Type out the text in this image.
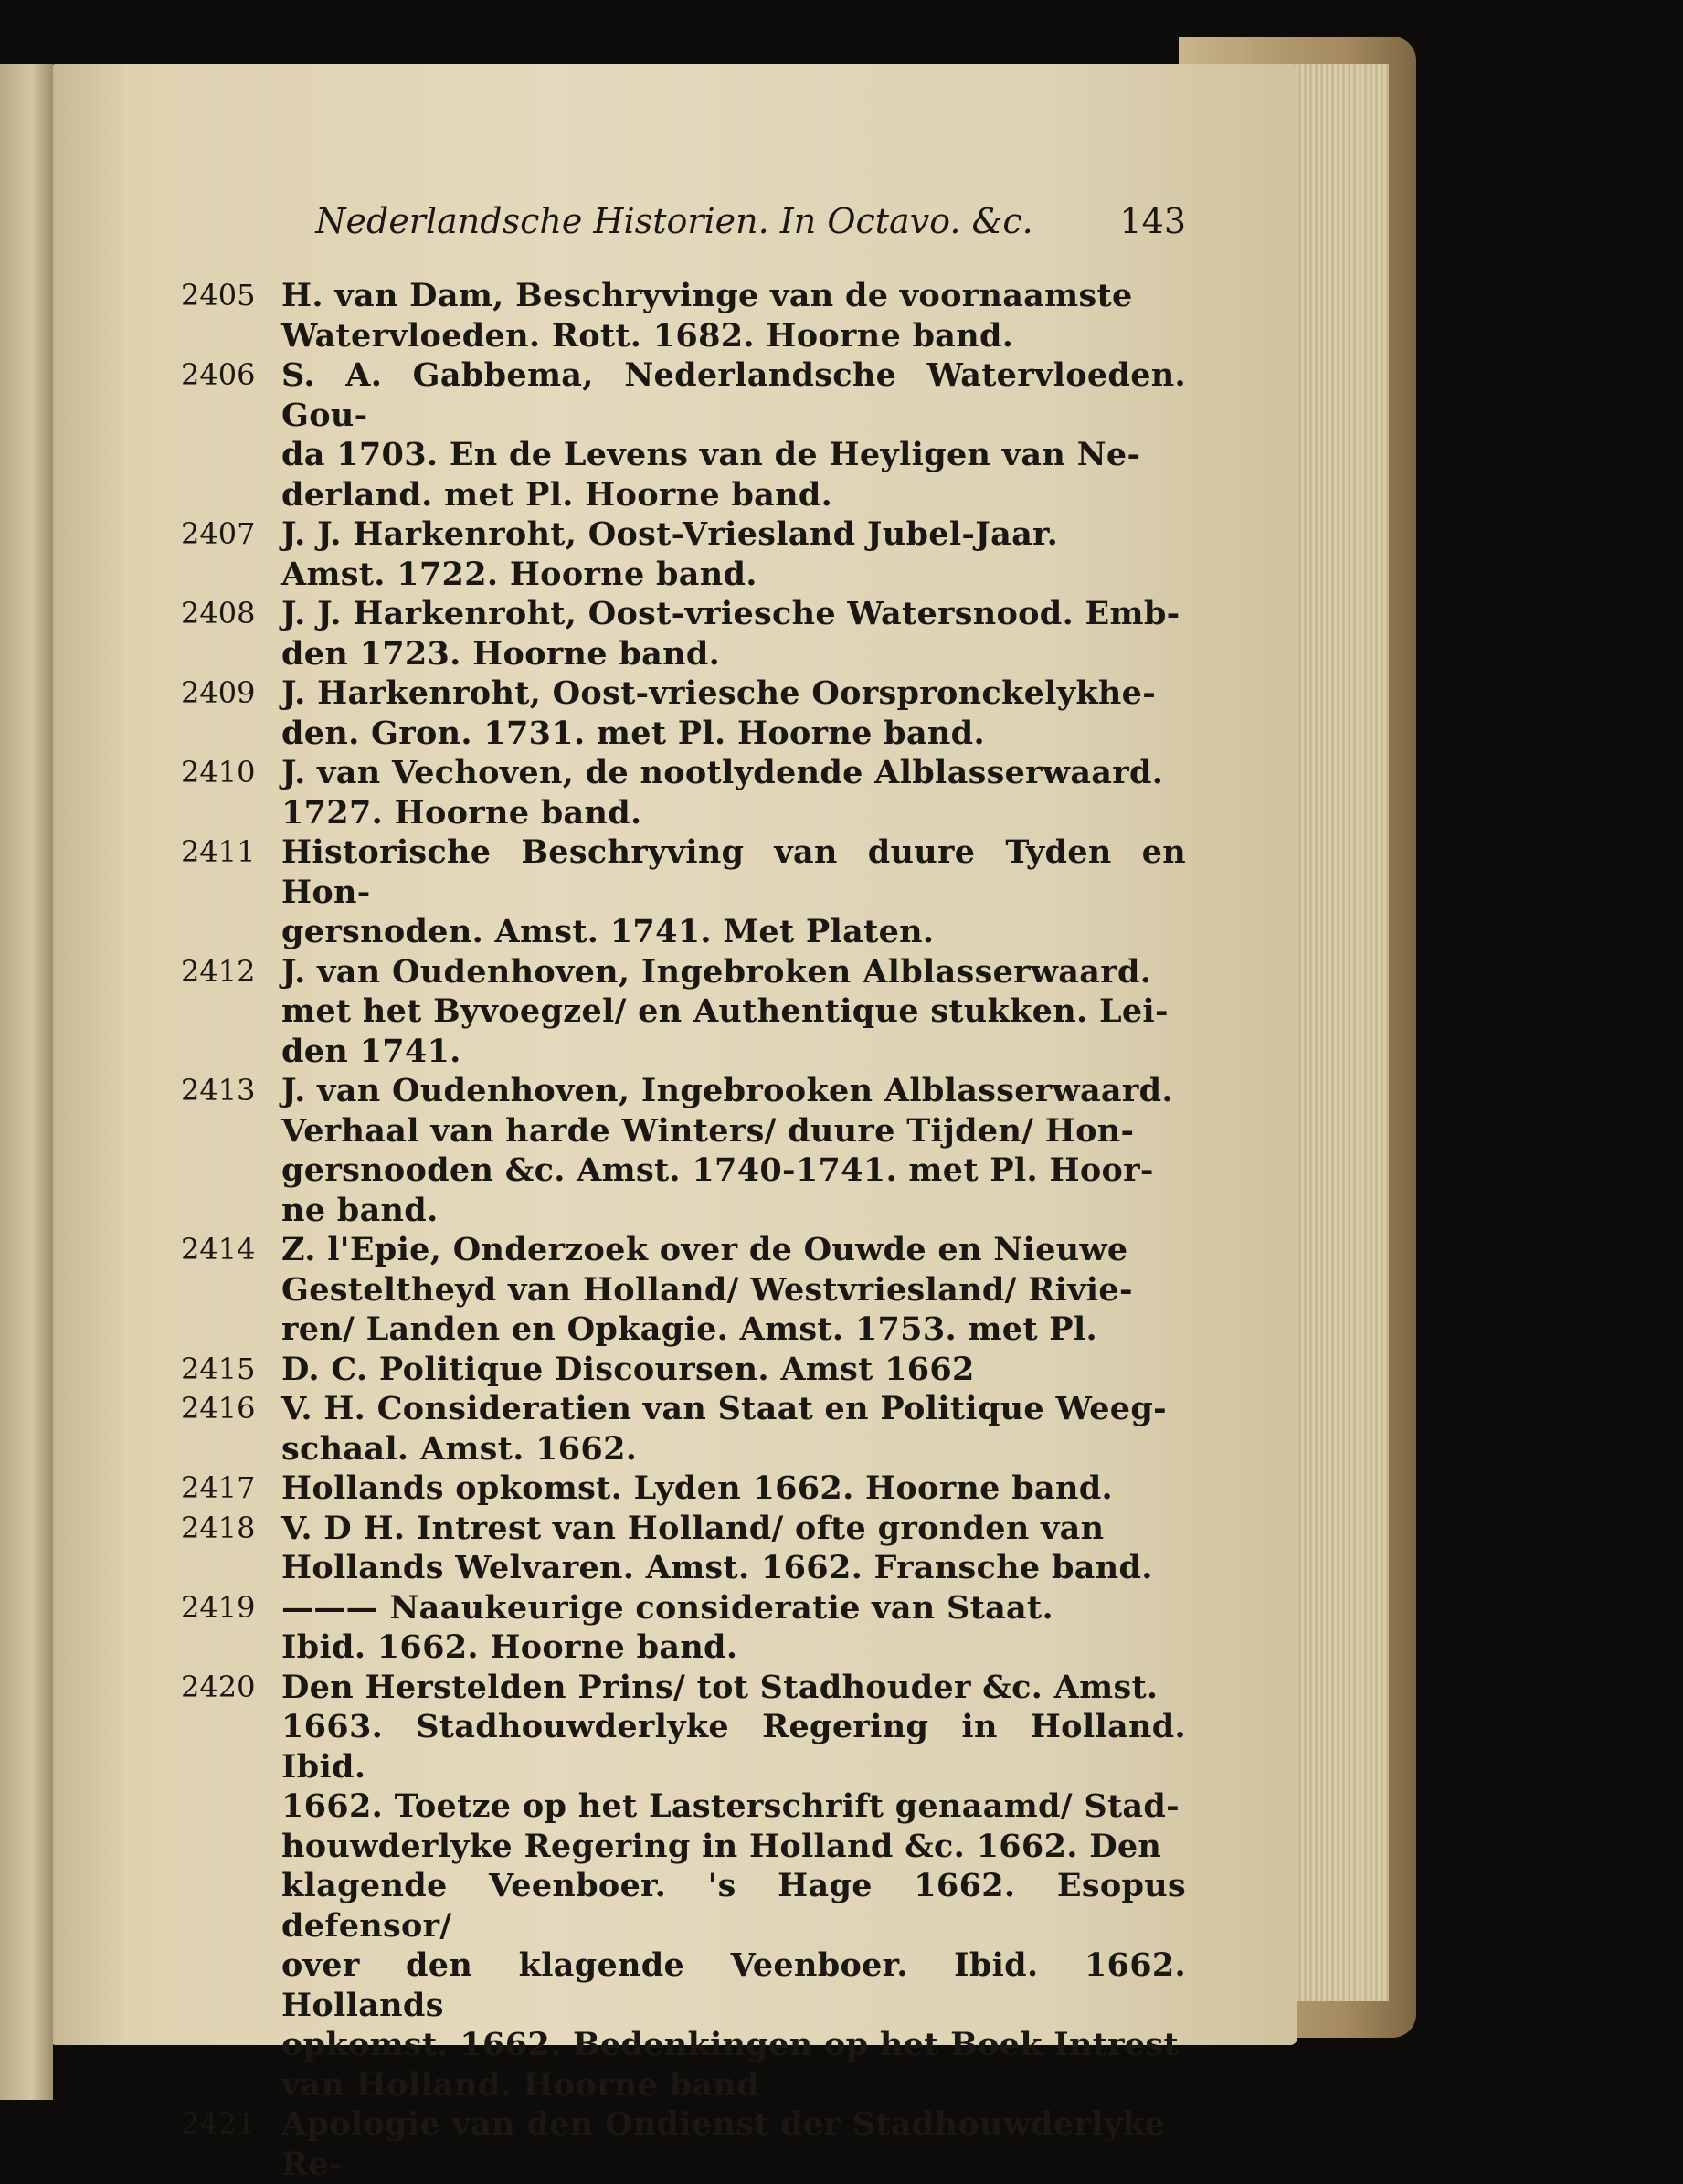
Nederlandsche Historien. In Octavo. &c.	143
2405 H. van Dam, Beschryvinge van de voornaamste
Watervloeden. Rott. 1682. Hoorne band.
2406 S. A. Gabbema, Nederlandsche Watervloeden. Gou-
da 1703. En de Levens van de Heyligen van Ne-
derland. met Pl. Hoorne band.
2407 J. J. Harkenroht, Oost-Vriesland Jubel-Jaar.
Amst. 1722. Hoorne band.
2408 J. J. Harkenroht, Oost-vriesche Watersnood. Emb-
den 1723. Hoorne band.
2409 J. Harkenroht, Oost-vriesche Oorspronckelykhe-
den. Gron. 1731. met Pl. Hoorne band.
2410 J. van Vechoven, de nootlydende Alblasserwaard.
1727. Hoorne band.
2411 Historische Beschryving van duure Tyden en Hon-
gersnoden. Amst. 1741. Met Platen.
2412 J. van Oudenhoven, Ingebroken Alblasserwaard.
met het Byvoegzel/ en Authentique stukken. Lei-
den 1741.
2413 J. van Oudenhoven, Ingebrooken Alblasserwaard.
Verhaal van harde Winters/ duure Tijden/ Hon-
gersnooden &c. Amst. 1740-1741. met Pl. Hoor-
ne band.
2414 Z. l'Epie, Onderzoek over de Ouwde en Nieuwe
Gesteltheyd van Holland/ Westvriesland/ Rivie-
ren/ Landen en Opkagie. Amst. 1753. met Pl.
2415 D. C. Politique Discoursen. Amst 1662
2416 V. H. Consideratien van Staat en Politique Weeg-
schaal. Amst. 1662.
2417 Hollands opkomst. Lyden 1662. Hoorne band.
2418 V. D H. Intrest van Holland/ ofte gronden van
Hollands Welvaren. Amst. 1662. Fransche band.
2419 ——— Naaukeurige consideratie van Staat.
Ibid. 1662. Hoorne band.
2420 Den Herstelden Prins/ tot Stadhouder &c. Amst.
1663. Stadhouwderlyke Regering in Holland. Ibid.
1662. Toetze op het Lasterschrift genaamd/ Stad-
houwderlyke Regering in Holland &c. 1662. Den
klagende Veenboer. 's Hage 1662. Esopus defensor/
over den klagende Veenboer. Ibid. 1662. Hollands
opkomst. 1662. Bedenkingen op het Boek Intrest
van Holland. Hoorne band
2421 Apologie van den Ondienst der Stadhouwderlyke
Re-
